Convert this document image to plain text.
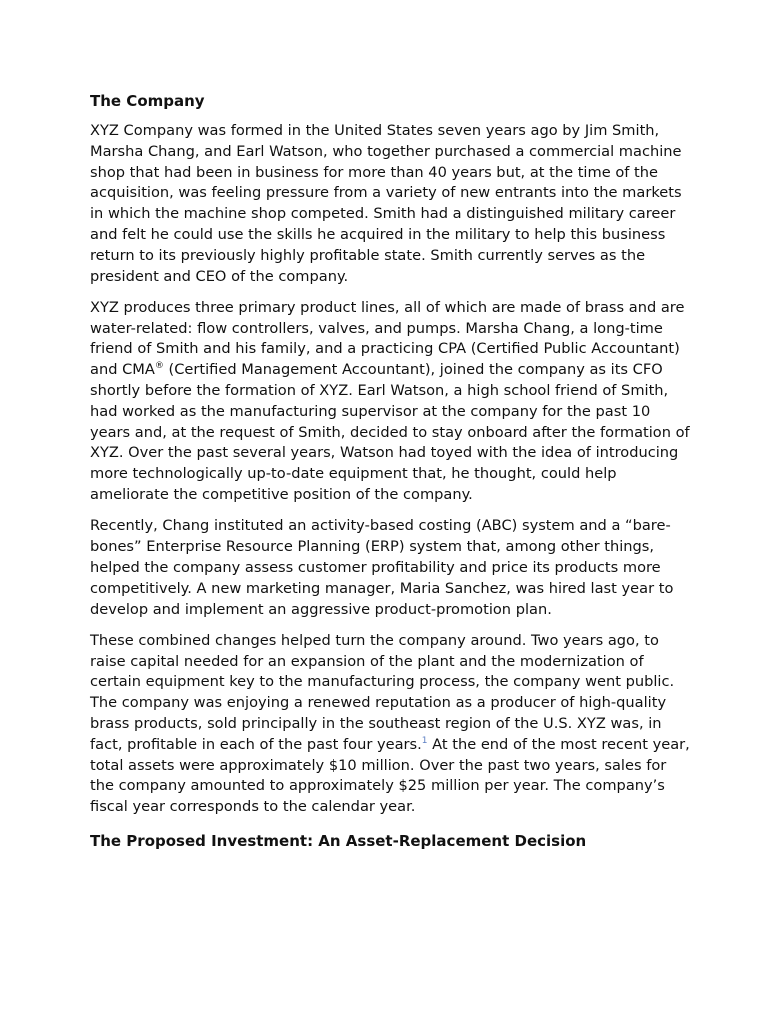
The Company

XYZ Company was formed in the United States seven years ago by Jim Smith, Marsha Chang, and Earl Watson, who together purchased a commercial machine shop that had been in business for more than 40 years but, at the time of the acquisition, was feeling pressure from a variety of new entrants into the markets in which the machine shop competed. Smith had a distinguished military career and felt he could use the skills he acquired in the military to help this business return to its previously highly profitable state. Smith currently serves as the president and CEO of the company.

XYZ produces three primary product lines, all of which are made of brass and are water-related: flow controllers, valves, and pumps. Marsha Chang, a long-time friend of Smith and his family, and a practicing CPA (Certified Public Accountant) and CMA® (Certified Management Accountant), joined the company as its CFO shortly before the formation of XYZ. Earl Watson, a high school friend of Smith, had worked as the manufacturing supervisor at the company for the past 10 years and, at the request of Smith, decided to stay onboard after the formation of XYZ. Over the past several years, Watson had toyed with the idea of introducing more technologically up-to-date equipment that, he thought, could help ameliorate the competitive position of the company.

Recently, Chang instituted an activity-based costing (ABC) system and a “bare-bones” Enterprise Resource Planning (ERP) system that, among other things, helped the company assess customer profitability and price its products more competitively. A new marketing manager, Maria Sanchez, was hired last year to develop and implement an aggressive product-promotion plan.

These combined changes helped turn the company around. Two years ago, to raise capital needed for an expansion of the plant and the modernization of certain equipment key to the manufacturing process, the company went public. The company was enjoying a renewed reputation as a producer of high-quality brass products, sold principally in the southeast region of the U.S. XYZ was, in fact, profitable in each of the past four years.$^1$ At the end of the most recent year, total assets were approximately $10 million. Over the past two years, sales for the company amounted to approximately $25 million per year. The company’s fiscal year corresponds to the calendar year.

The Proposed Investment: An Asset-Replacement Decision
